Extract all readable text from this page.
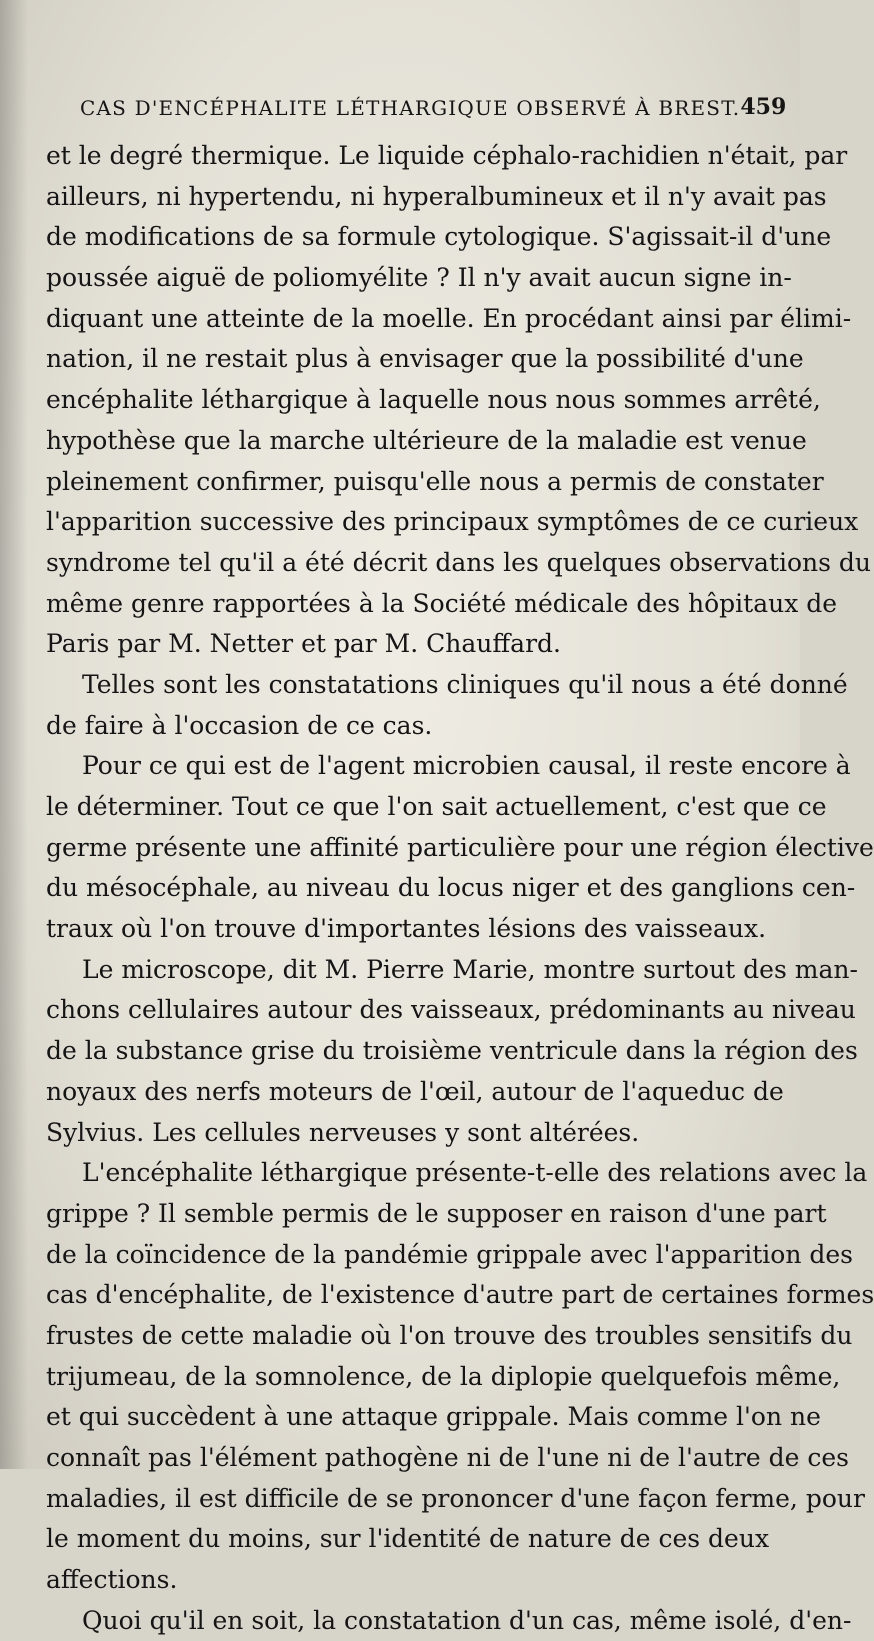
CAS D'ENCÉPHALITE LÉTHARGIQUE OBSERVÉ À BREST. 459
et le degré thermique. Le liquide céphalo-rachidien n'était, par
ailleurs, ni hypertendu, ni hyperalbumineux et il n'y avait pas
de modifications de sa formule cytologique. S'agissait-il d'une
poussée aiguë de poliomyélite ? Il n'y avait aucun signe in-
diquant une atteinte de la moelle. En procédant ainsi par élimi-
nation, il ne restait plus à envisager que la possibilité d'une
encéphalite léthargique à laquelle nous nous sommes arrêté,
hypothèse que la marche ultérieure de la maladie est venue
pleinement confirmer, puisqu'elle nous a permis de constater
l'apparition successive des principaux symptômes de ce curieux
syndrome tel qu'il a été décrit dans les quelques observations du
même genre rapportées à la Société médicale des hôpitaux de
Paris par M. Netter et par M. Chauffard.
Telles sont les constatations cliniques qu'il nous a été donné
de faire à l'occasion de ce cas.
Pour ce qui est de l'agent microbien causal, il reste encore à
le déterminer. Tout ce que l'on sait actuellement, c'est que ce
germe présente une affinité particulière pour une région élective
du mésocéphale, au niveau du locus niger et des ganglions cen-
traux où l'on trouve d'importantes lésions des vaisseaux.
Le microscope, dit M. Pierre Marie, montre surtout des man-
chons cellulaires autour des vaisseaux, prédominants au niveau
de la substance grise du troisième ventricule dans la région des
noyaux des nerfs moteurs de l'œil, autour de l'aqueduc de
Sylvius. Les cellules nerveuses y sont altérées.
L'encéphalite léthargique présente-t-elle des relations avec la
grippe ? Il semble permis de le supposer en raison d'une part
de la coïncidence de la pandémie grippale avec l'apparition des
cas d'encéphalite, de l'existence d'autre part de certaines formes
frustes de cette maladie où l'on trouve des troubles sensitifs du
trijumeau, de la somnolence, de la diplopie quelquefois même,
et qui succèdent à une attaque grippale. Mais comme l'on ne
connaît pas l'élément pathogène ni de l'une ni de l'autre de ces
maladies, il est difficile de se prononcer d'une façon ferme, pour
le moment du moins, sur l'identité de nature de ces deux
affections.
Quoi qu'il en soit, la constatation d'un cas, même isolé, d'en-
